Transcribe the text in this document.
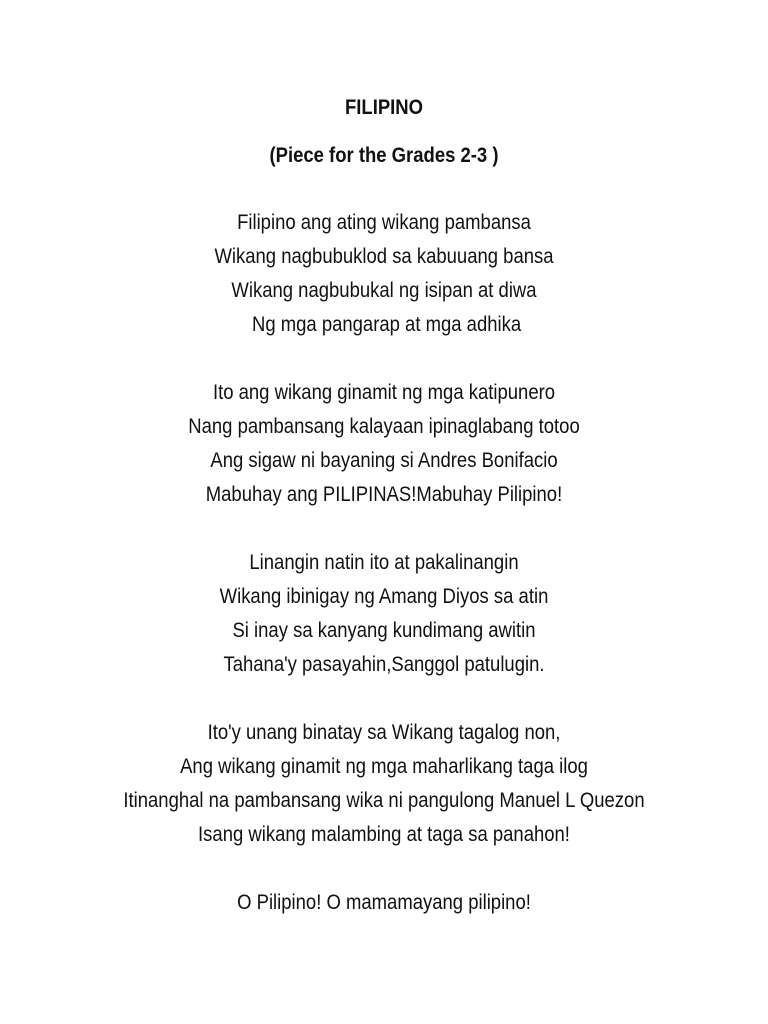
FILIPINO
(Piece for the Grades 2-3 )
Filipino ang ating wikang pambansa
Wikang nagbubuklod sa kabuuang bansa
Wikang nagbubukal ng isipan at diwa
Ng mga pangarap at mga adhika
Ito ang wikang ginamit ng mga katipunero
Nang pambansang kalayaan ipinaglabang totoo
Ang sigaw ni bayaning si Andres Bonifacio
Mabuhay ang PILIPINAS!Mabuhay Pilipino!
Linangin natin ito at pakalinangin
Wikang ibinigay ng Amang Diyos sa atin
Si inay sa kanyang kundimang awitin
Tahana'y pasayahin,Sanggol patulugin.
Ito'y unang binatay sa Wikang tagalog non,
Ang wikang ginamit ng mga maharlikang taga ilog
Itinanghal na pambansang wika ni pangulong Manuel L Quezon
Isang wikang malambing at taga sa panahon!
O Pilipino! O mamamayang pilipino!
